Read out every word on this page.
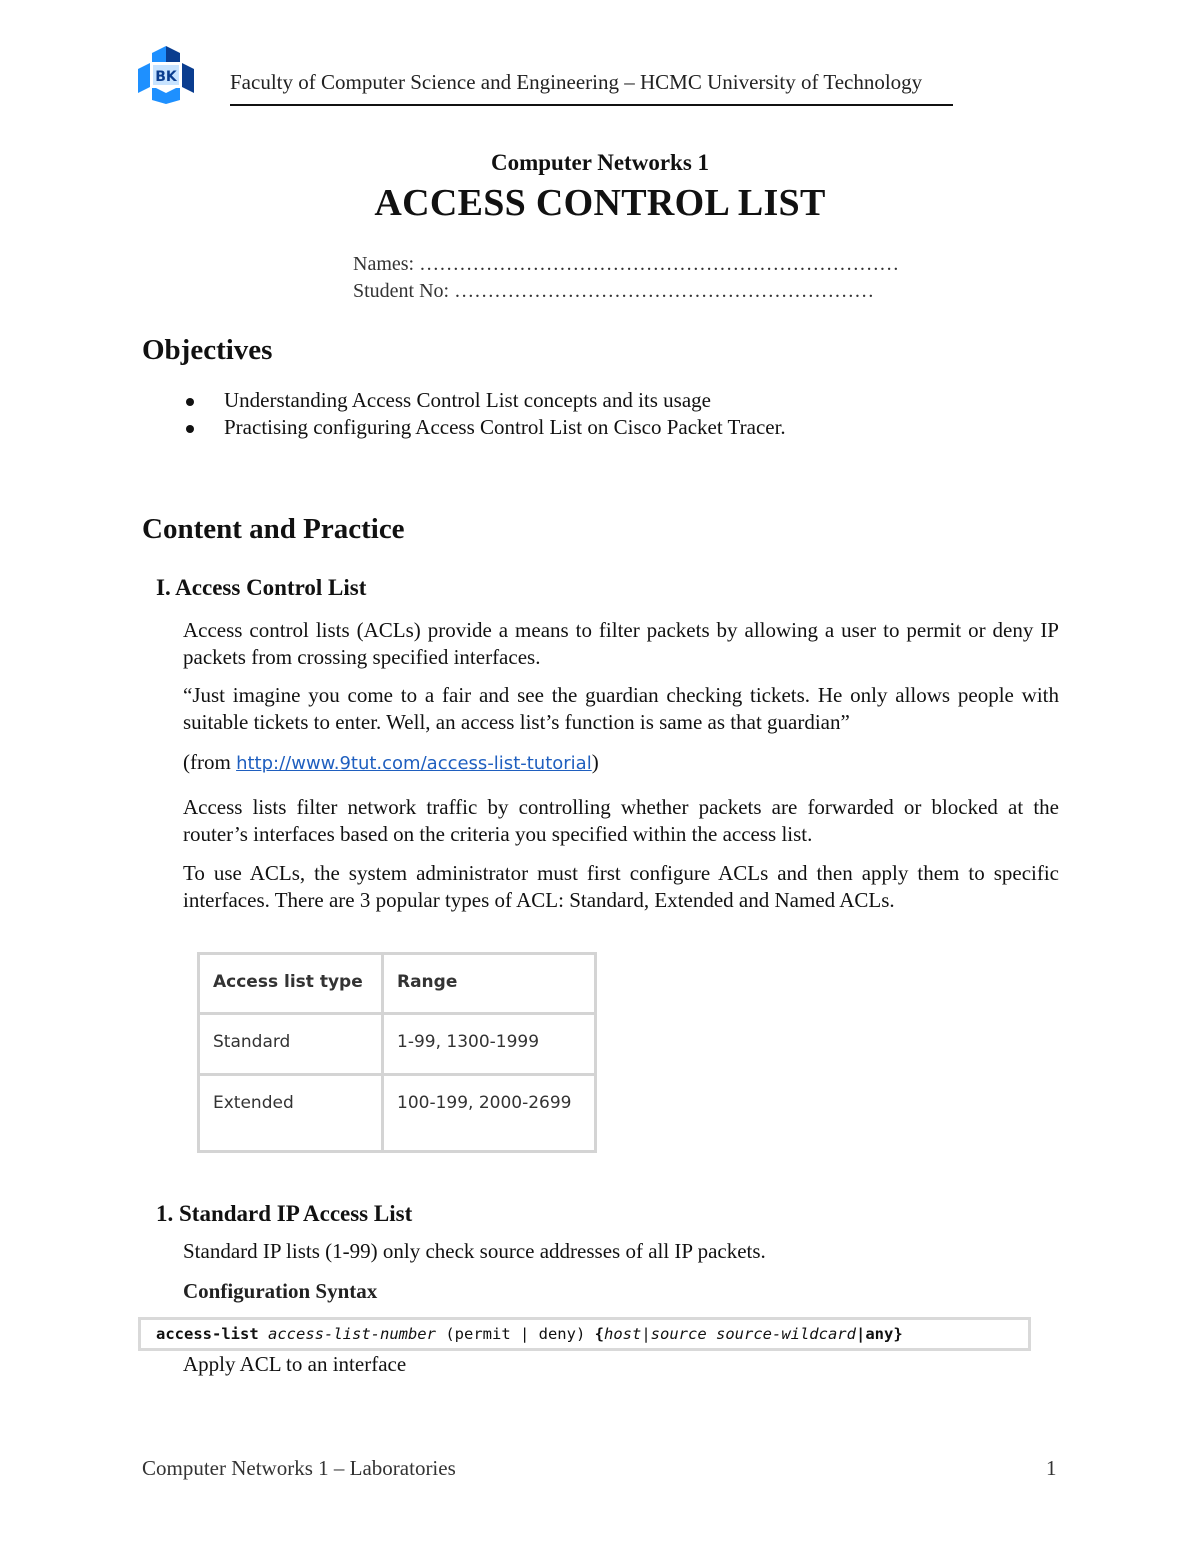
BK	Faculty of Computer Science and Engineering – HCMC University of Technology
Computer Networks 1
ACCESS CONTROL LIST
Names: ………………………………………………………………
Student No: ………………………………………………………
Objectives
Understanding Access Control List concepts and its usage
Practising configuring Access Control List on Cisco Packet Tracer.
Content and Practice
I. Access Control List
Access control lists (ACLs) provide a means to filter packets by allowing a user to permit or deny IP packets from crossing specified interfaces.
“Just imagine you come to a fair and see the guardian checking tickets. He only allows people with suitable tickets to enter. Well, an access list’s function is same as that guardian”
(from http://www.9tut.com/access-list-tutorial)
Access lists filter network traffic by controlling whether packets are forwarded or blocked at the router’s interfaces based on the criteria you specified within the access list.
To use ACLs, the system administrator must first configure ACLs and then apply them to specific interfaces. There are 3 popular types of ACL: Standard, Extended and Named ACLs.
Access list type	Range
Standard	1-99, 1300-1999
Extended	100-199, 2000-2699
1. Standard IP Access List
Standard IP lists (1-99) only check source addresses of all IP packets.
Configuration Syntax
access-list access-list-number (permit | deny) {host|source source-wildcard|any}
Apply ACL to an interface
Computer Networks 1 – Laboratories	1
